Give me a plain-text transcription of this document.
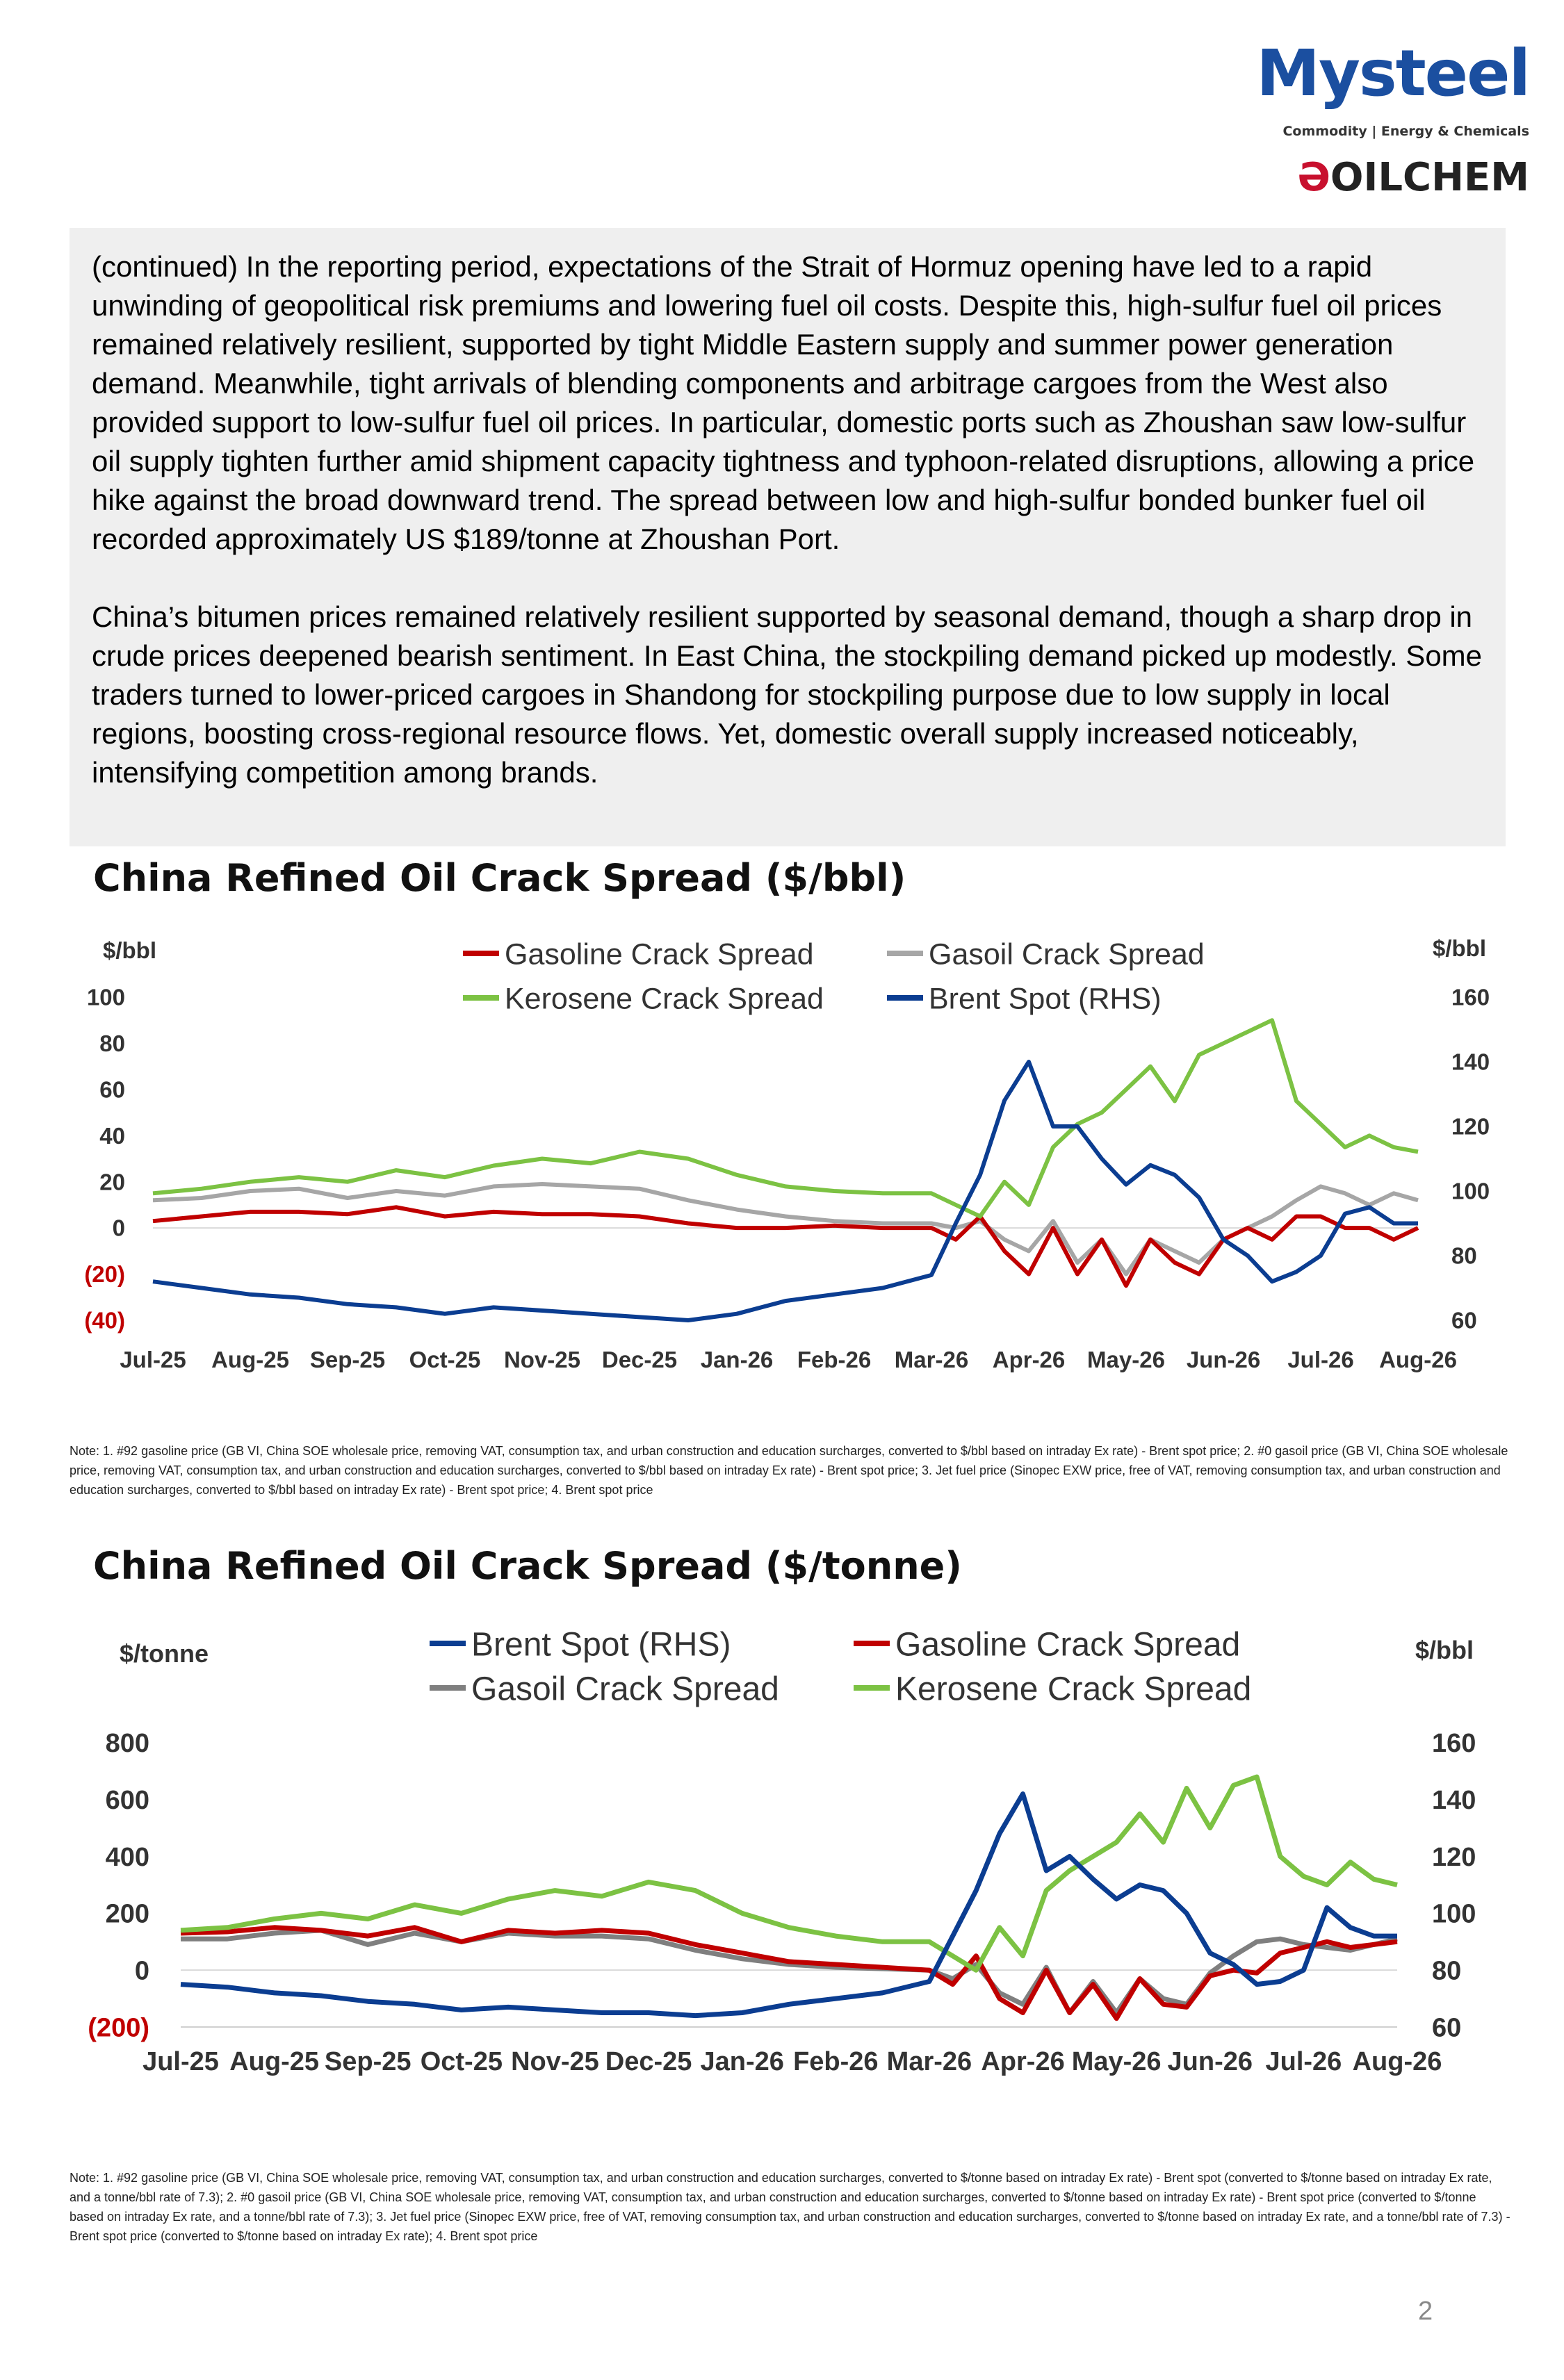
Mysteel
Commodity | Energy & Chemicals
ƏOILCHEM

(continued) In the reporting period, expectations of the Strait of Hormuz opening have led to a rapid unwinding of geopolitical risk premiums and lowering fuel oil costs. Despite this, high-sulfur fuel oil prices remained relatively resilient, supported by tight Middle Eastern supply and summer power generation demand. Meanwhile, tight arrivals of blending components and arbitrage cargoes from the West also provided support to low-sulfur fuel oil prices. In particular, domestic ports such as Zhoushan saw low-sulfur oil supply tighten further amid shipment capacity tightness and typhoon-related disruptions, allowing a price hike against the broad downward trend. The spread between low and high-sulfur bonded bunker fuel oil recorded approximately US $189/tonne at Zhoushan Port.

China’s bitumen prices remained relatively resilient supported by seasonal demand, though a sharp drop in crude prices deepened bearish sentiment. In East China, the stockpiling demand picked up modestly. Some traders turned to lower-priced cargoes in Shandong for stockpiling purpose due to low supply in local regions, boosting cross-regional resource flows. Yet, domestic overall supply increased noticeably, intensifying competition among brands.

China Refined Oil Crack Spread ($/bbl)
$/bbl	$/bbl
100
80
60
40
20
0
(20)
(40)
160
140
120
100
80
60
Jul-25 Aug-25 Sep-25 Oct-25 Nov-25 Dec-25 Jan-26 Feb-26 Mar-26 Apr-26 May-26 Jun-26 Jul-26 Aug-26
Gasoline Crack Spread	Gasoil Crack Spread
Kerosene Crack Spread	Brent Spot (RHS)
Note: 1. #92 gasoline price (GB VI, China SOE wholesale price, removing VAT, consumption tax, and urban construction and education surcharges, converted to $/bbl based on intraday Ex rate) - Brent spot price; 2. #0 gasoil price (GB VI, China SOE wholesale price, removing VAT, consumption tax, and urban construction and education surcharges, converted to $/bbl based on intraday Ex rate) - Brent spot price; 3. Jet fuel price (Sinopec EXW price, free of VAT, removing consumption tax, and urban construction and education surcharges, converted to $/bbl based on intraday Ex rate) - Brent spot price; 4. Brent spot price
China Refined Oil Crack Spread ($/tonne)
$/tonne	$/bbl
800
600
400
200
0
(200)
160
140
120
100
80
60
Jul-25 Aug-25 Sep-25 Oct-25 Nov-25 Dec-25 Jan-26 Feb-26 Mar-26 Apr-26 May-26 Jun-26 Jul-26 Aug-26
Brent Spot (RHS)	Gasoline Crack Spread
Gasoil Crack Spread	Kerosene Crack Spread
Note: 1. #92 gasoline price (GB VI, China SOE wholesale price, removing VAT, consumption tax, and urban construction and education surcharges, converted to $/tonne based on intraday Ex rate) - Brent spot (converted to $/tonne based on intraday Ex rate, and a tonne/bbl rate of 7.3); 2. #0 gasoil price (GB VI, China SOE wholesale price, removing VAT, consumption tax, and urban construction and education surcharges, converted to $/tonne based on intraday Ex rate) - Brent spot price (converted to $/tonne based on intraday Ex rate, and a tonne/bbl rate of 7.3); 3. Jet fuel price (Sinopec EXW price, free of VAT, removing consumption tax, and urban construction and education surcharges, converted to $/tonne based on intraday Ex rate, and a tonne/bbl rate of 7.3) - Brent spot price (converted to $/tonne based on intraday Ex rate); 4. Brent spot price
2
